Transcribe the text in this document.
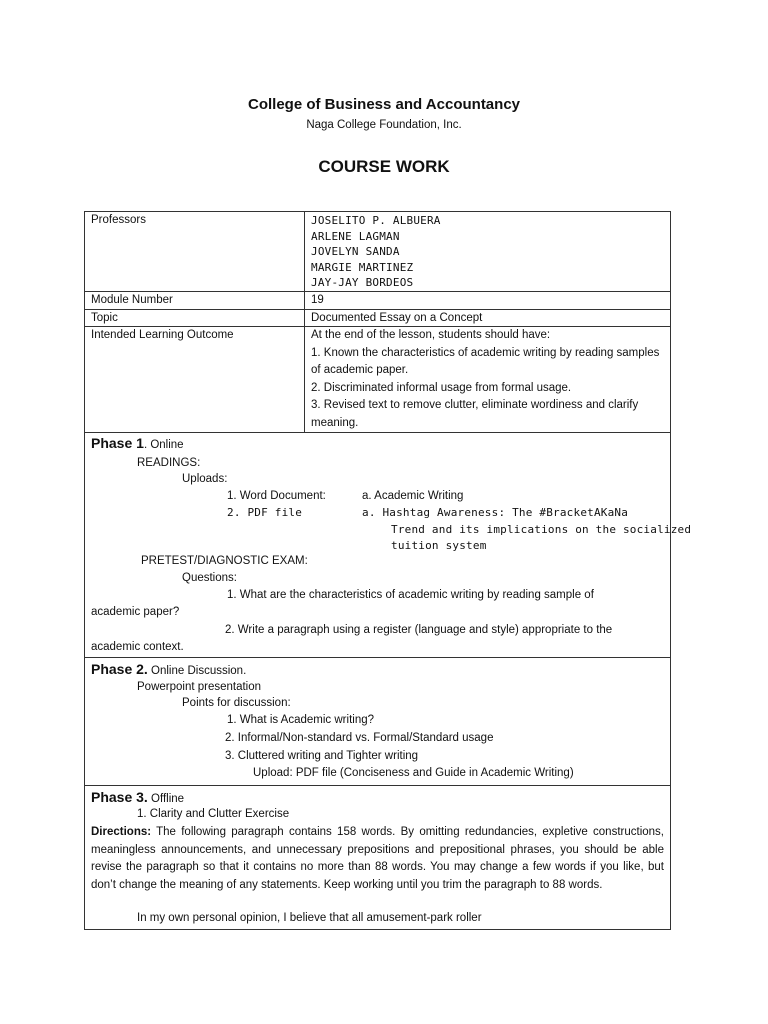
College of Business and Accountancy
Naga College Foundation, Inc.
COURSE WORK
Professors	JOSELITO P. ALBUERA
ARLENE LAGMAN
JOVELYN SANDA
MARGIE MARTINEZ
JAY-JAY BORDEOS

Module Number	19
Topic	Documented Essay on a Concept
Intended Learning Outcome	At the end of the lesson, students should have:
1. Known the characteristics of academic writing by reading samples of academic paper.
2. Discriminated informal usage from formal usage.
3. Revised text to remove clutter, eliminate wordiness and clarify meaning.
Phase 1. Online
READINGS:
Uploads:
1. Word Document:	a. Academic Writing
2. PDF file	a. Hashtag Awareness: The #BracketAKaNa
Trend and its implications on the socialized
tuition system
PRETEST/DIAGNOSTIC EXAM:
Questions:
1. What are the characteristics of academic writing by reading sample of
academic paper?
2. Write a paragraph using a register (language and style) appropriate to the
academic context.
Phase 2. Online Discussion.
Powerpoint presentation
Points for discussion:
1. What is Academic writing?
2. Informal/Non-standard vs. Formal/Standard usage
3. Cluttered writing and Tighter writing
Upload: PDF file (Conciseness and Guide in Academic Writing)
Phase 3. Offline
1. Clarity and Clutter Exercise
Directions: The following paragraph contains 158 words. By omitting redundancies, expletive constructions, meaningless announcements, and unnecessary prepositions and prepositional phrases, you should be able revise the paragraph so that it contains no more than 88 words. You may change a few words if you like, but don’t change the meaning of any statements. Keep working until you trim the paragraph to 88 words.
In my own personal opinion, I believe that all amusement-park roller
